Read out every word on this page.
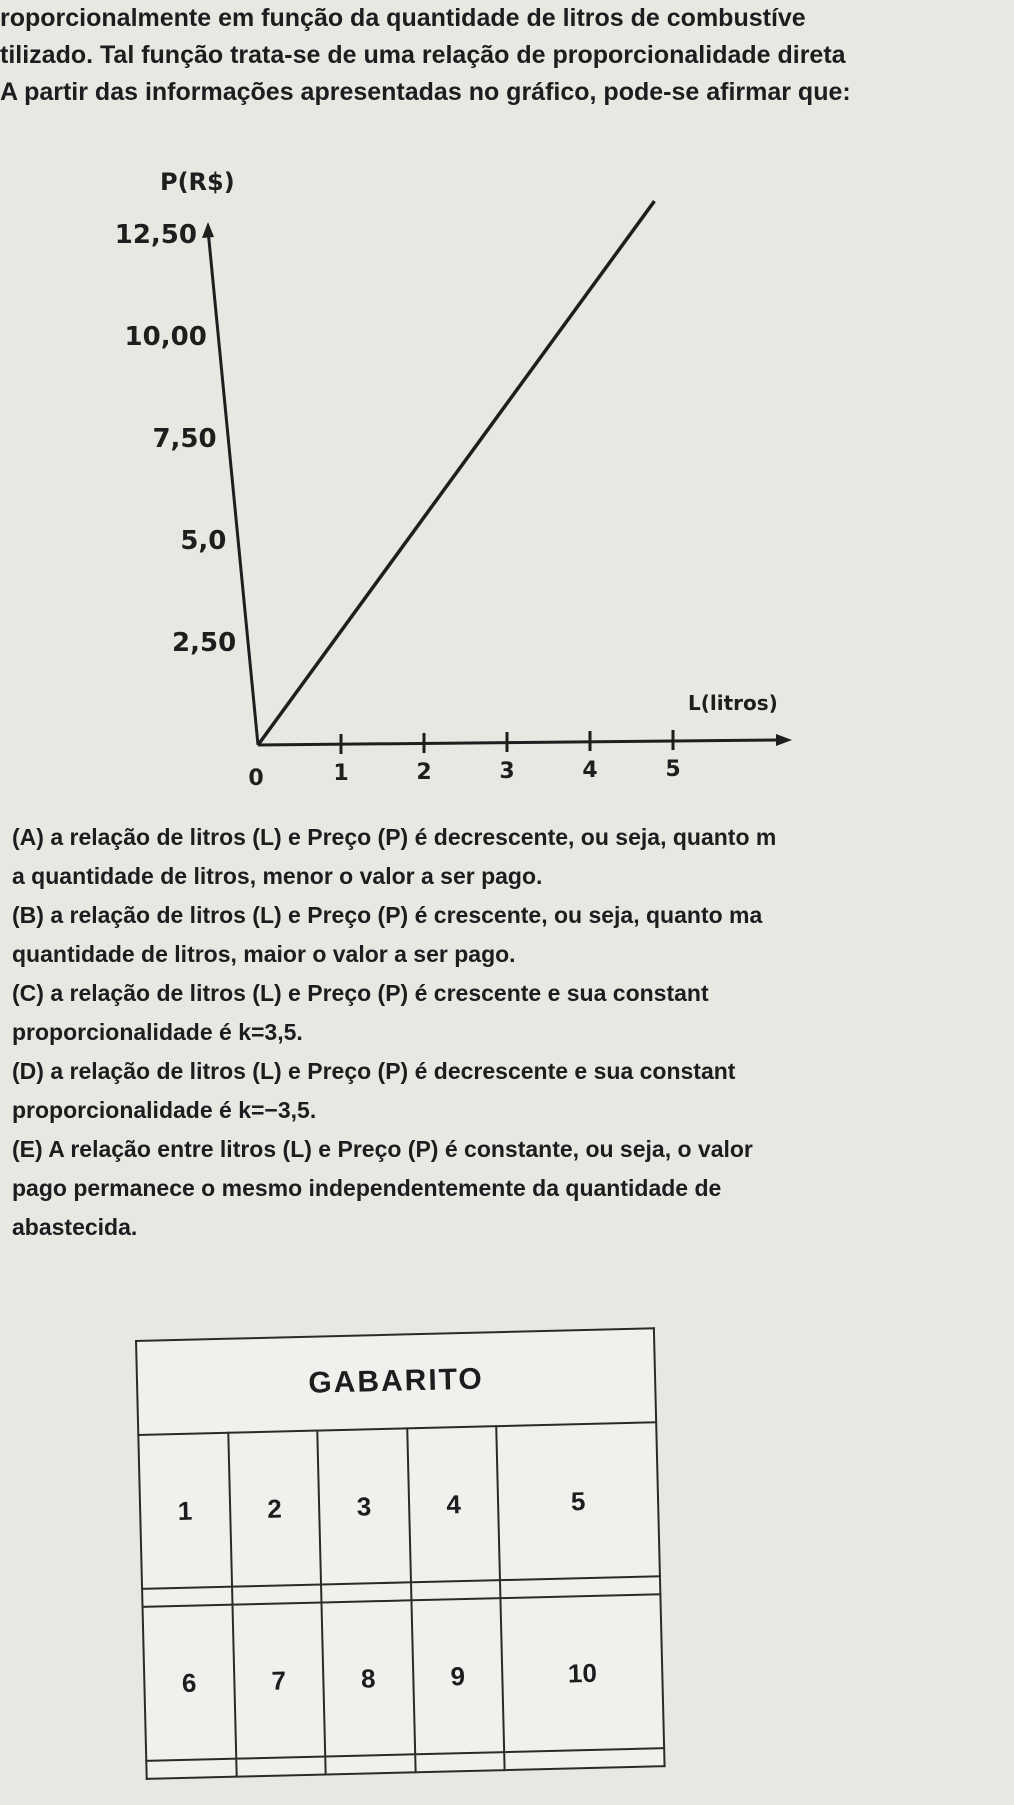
roporcionalmente em função da quantidade de litros de combustíve
tilizado. Tal função trata-se de uma relação de proporcionalidade direta
A partir das informações apresentadas no gráfico, pode-se afirmar que:
P(R$)
L(litros)
0	1	2	3	4	5
2,50
5,0
7,50
10,00
12,50
(A) a relação de litros (L) e Preço (P) é decrescente, ou seja, quanto m
a quantidade de litros, menor o valor a ser pago.
(B) a relação de litros (L) e Preço (P) é crescente, ou seja, quanto ma
quantidade de litros, maior o valor a ser pago.
(C) a relação de litros (L) e Preço (P) é crescente e sua constant
proporcionalidade é k=3,5.
(D) a relação de litros (L) e Preço (P) é decrescente e sua constant
proporcionalidade é k=−3,5.
(E) A relação entre litros (L) e Preço (P) é constante, ou seja, o valor
pago permanece o mesmo independentemente da quantidade de
abastecida.
GABARITO				
1	2	3	4	5

6	7	8	9	10
